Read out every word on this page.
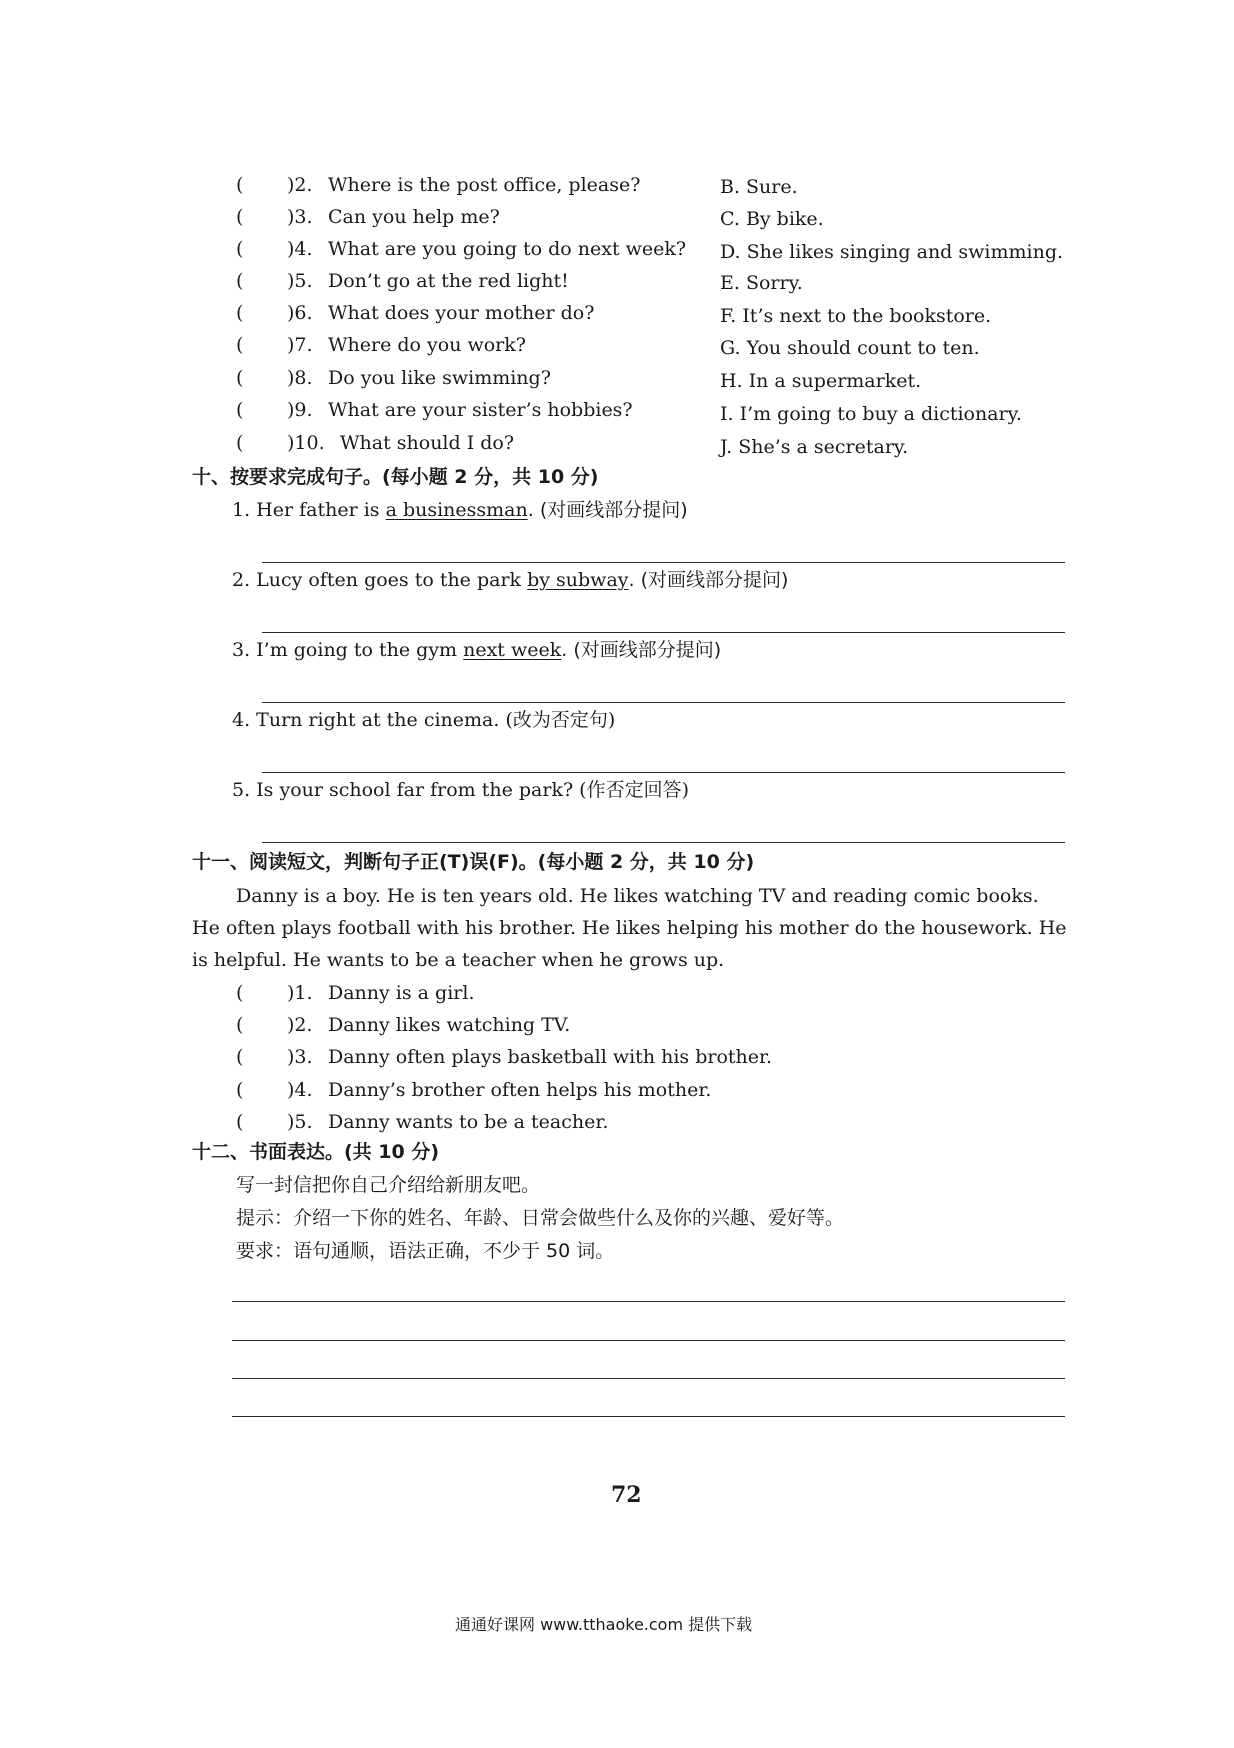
( )2. Where is the post office, please?	B. Sure.
( )3. Can you help me?	C. By bike.
( )4. What are you going to do next week? D. She likes singing and swimming.
( )5. Don’t go at the red light!	E. Sorry.
( )6. What does your mother do?	F. It’s next to the bookstore.
( )7. Where do you work?	G. You should count to ten.
( )8. Do you like swimming?	H. In a supermarket.
( )9. What are your sister’s hobbies?	I. I’m going to buy a dictionary.
( )10. What should I do?	J. She’s a secretary.
十、按要求完成句子。(每小题 2 分，共 10 分)
1. Her father is a businessman. (对画线部分提问)
2. Lucy often goes to the park by subway. (对画线部分提问)
3. I’m going to the gym next week. (对画线部分提问)
4. Turn right at the cinema. (改为否定句)
5. Is your school far from the park? (作否定回答)
十一、阅读短文，判断句子正(T)误(F)。(每小题 2 分，共 10 分)
Danny is a boy. He is ten years old. He likes watching TV and reading comic books.
He often plays football with his brother. He likes helping his mother do the housework. He
is helpful. He wants to be a teacher when he grows up.
( )1. Danny is a girl.
( )2. Danny likes watching TV.
( )3. Danny often plays basketball with his brother.
( )4. Danny’s brother often helps his mother.
( )5. Danny wants to be a teacher.
十二、书面表达。(共 10 分)
写一封信把你自己介绍给新朋友吧。
提示：介绍一下你的姓名、年龄、日常会做些什么及你的兴趣、爱好等。
要求：语句通顺，语法正确，不少于 50 词。
72
通通好课网 www.tthaoke.com 提供下载
